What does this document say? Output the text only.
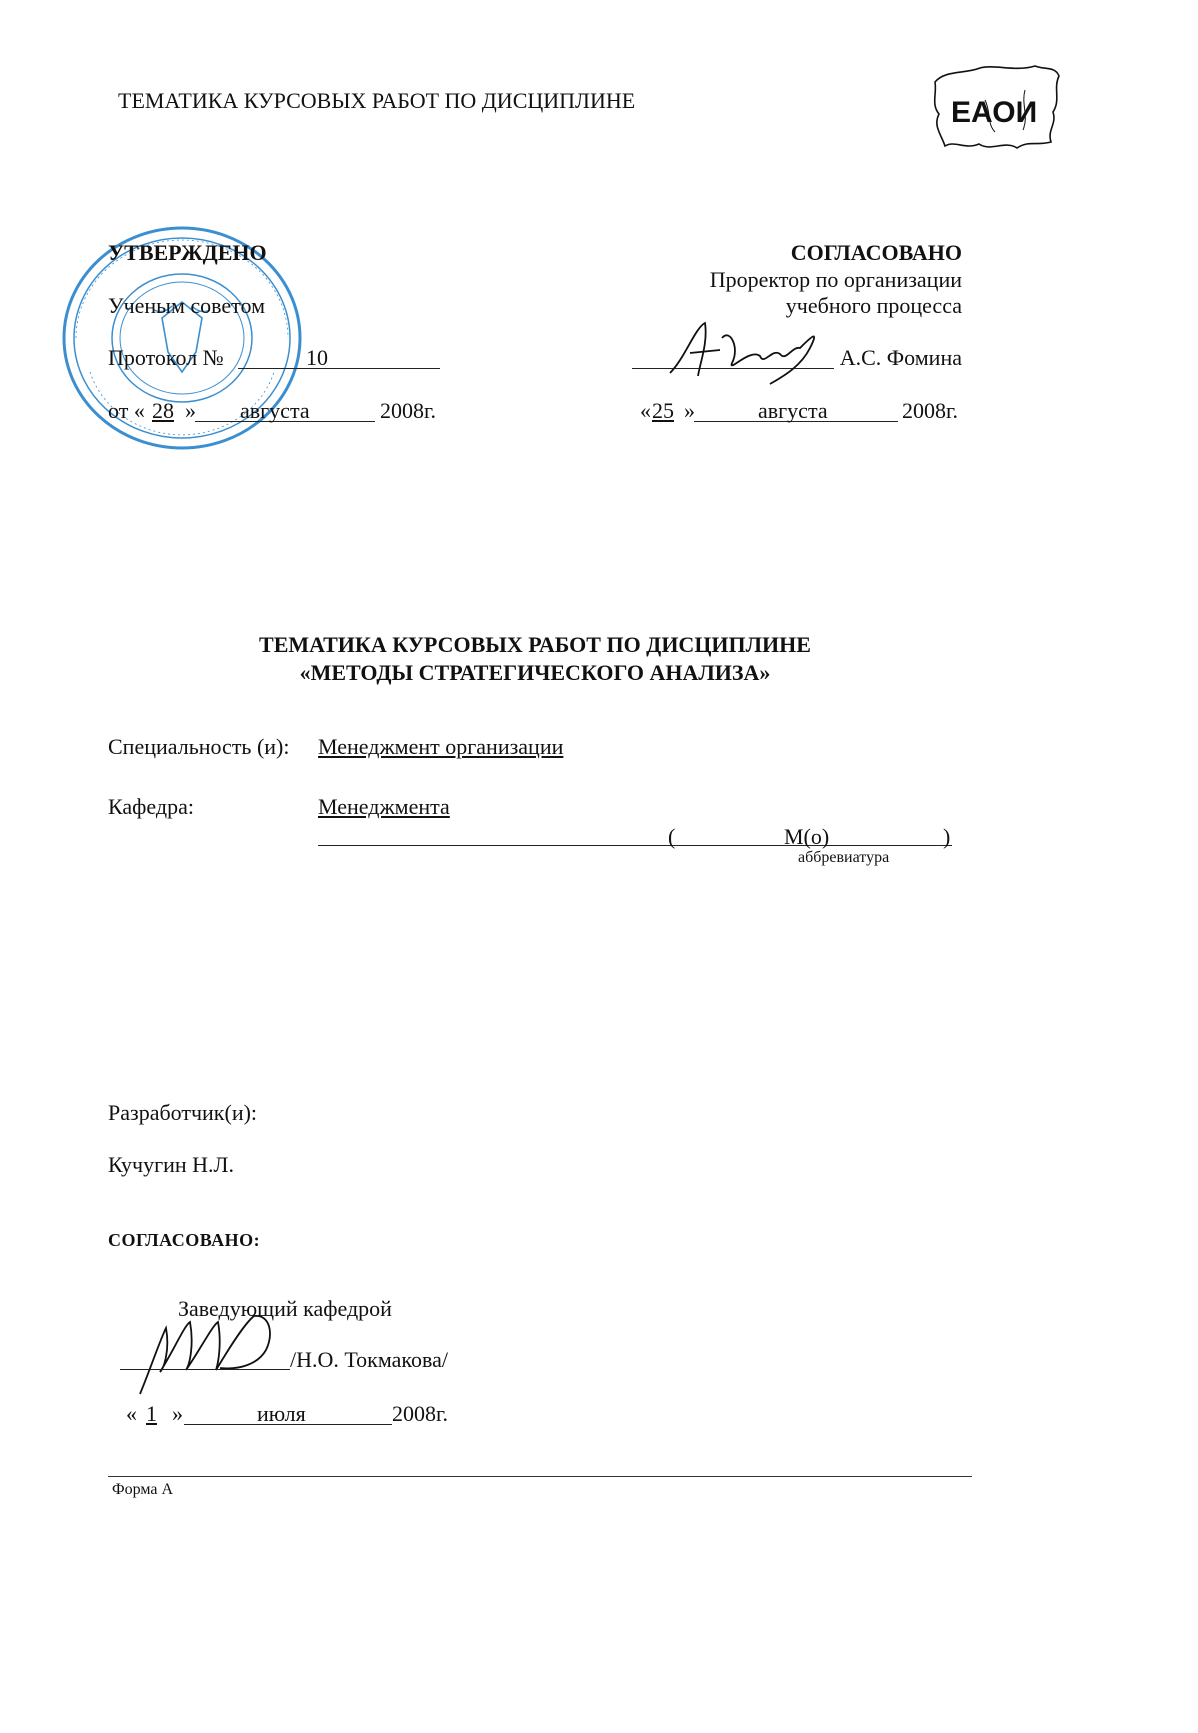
ТЕМАТИКА КУРСОВЫХ РАБОТ ПО ДИСЦИПЛИНЕ	ЕАОИ
УТВЕРЖДЕНО
Ученым советом
Протокол №	10
от « 28 » августа	2008г.
СОГЛАСОВАНО
Проректор по организации
учебного процесса
А.С. Фомина
« 25 »	августа	2008г.
ТЕМАТИКА КУРСОВЫХ РАБОТ ПО ДИСЦИПЛИНЕ
«МЕТОДЫ СТРАТЕГИЧЕСКОГО АНАЛИЗА»
Специальность (и): Менеджмент организации
Кафедра:	Менеджмента
(	М(о)	)
аббревиатура
Разработчик(и):
Кучугин Н.Л.
СОГЛАСОВАНО:
Заведующий кафедрой
/Н.О. Токмакова/
« 1 »	июля	2008г.
Форма А
